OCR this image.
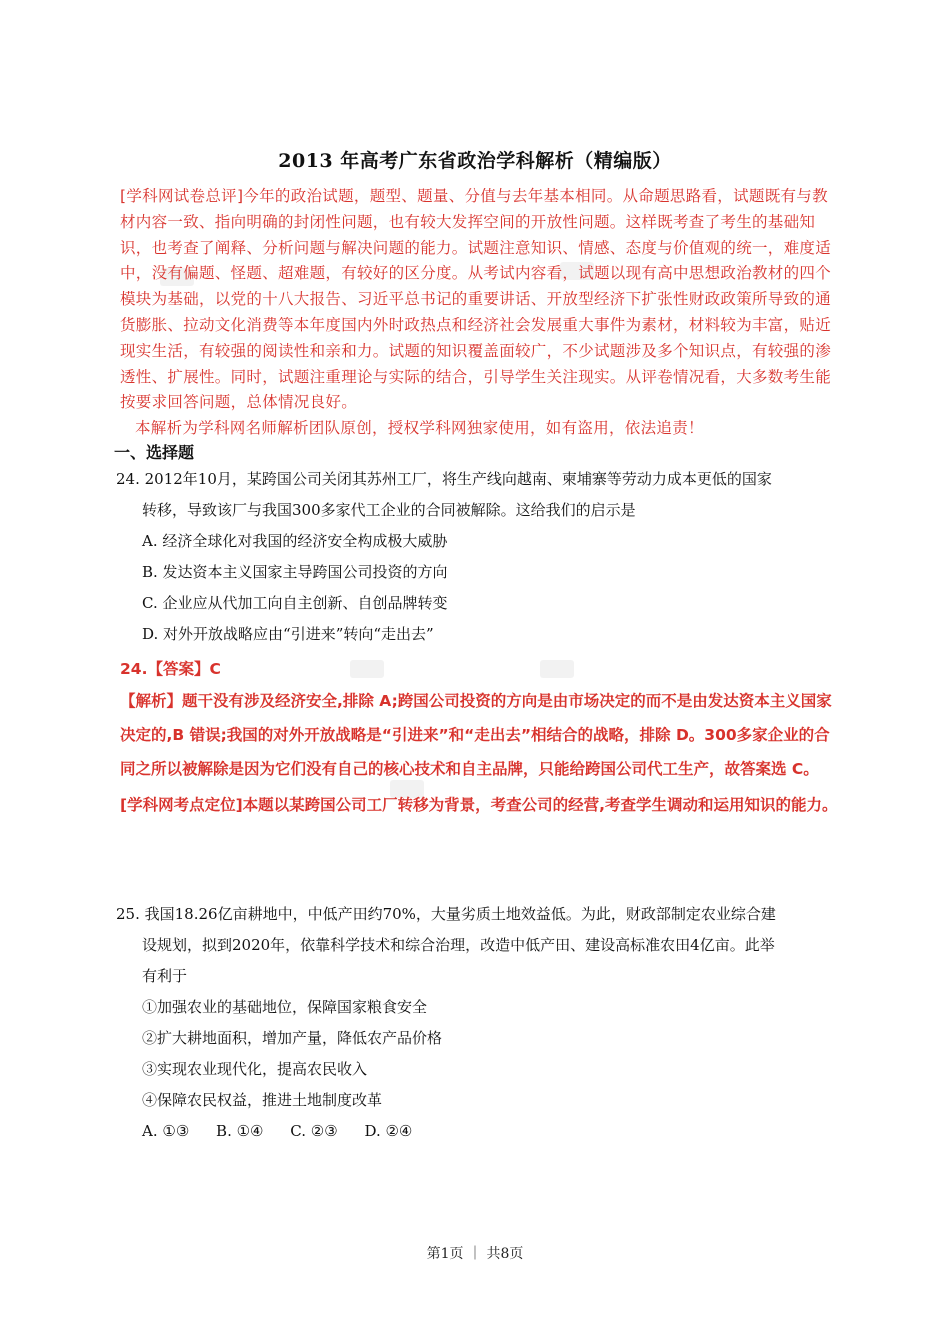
2013 年高考广东省政治学科解析（精编版）

[学科网试卷总评]今年的政治试题，题型、题量、分值与去年基本相同。从命题思路看，试题既有与教材内容一致、指向明确的封闭性问题，也有较大发挥空间的开放性问题。这样既考查了考生的基础知识，也考查了阐释、分析问题与解决问题的能力。试题注意知识、情感、态度与价值观的统一，难度适中，没有偏题、怪题、超难题，有较好的区分度。从考试内容看，试题以现有高中思想政治教材的四个模块为基础，以党的十八大报告、习近平总书记的重要讲话、开放型经济下扩张性财政政策所导致的通货膨胀、拉动文化消费等本年度国内外时政热点和经济社会发展重大事件为素材，材料较为丰富，贴近现实生活，有较强的阅读性和亲和力。试题的知识覆盖面较广，不少试题涉及多个知识点，有较强的渗透性、扩展性。同时，试题注重理论与实际的结合，引导学生关注现实。从评卷情况看，大多数考生能按要求回答问题，总体情况良好。

本解析为学科网名师解析团队原创，授权学科网独家使用，如有盗用，依法追责！

一、选择题

24. 2012年10月，某跨国公司关闭其苏州工厂，将生产线向越南、柬埔寨等劳动力成本更低的国家

转移，导致该厂与我国300多家代工企业的合同被解除。这给我们的启示是

A. 经济全球化对我国的经济安全构成极大威胁

B. 发达资本主义国家主导跨国公司投资的方向

C. 企业应从代加工向自主创新、自创品牌转变

D. 对外开放战略应由“引进来”转向“走出去”

24.【答案】C

【解析】题干没有涉及经济安全,排除 A;跨国公司投资的方向是由市场决定的而不是由发达资本主义国家决定的,B 错误;我国的对外开放战略是“引进来”和“走出去”相结合的战略，排除 D。300多家企业的合同之所以被解除是因为它们没有自己的核心技术和自主品牌，只能给跨国公司代工生产，故答案选 C。

[学科网考点定位]本题以某跨国公司工厂转移为背景，考查公司的经营,考查学生调动和运用知识的能力。

25. 我国18.26亿亩耕地中，中低产田约70%，大量劣质土地效益低。为此，财政部制定农业综合建

设规划，拟到2020年，依靠科学技术和综合治理，改造中低产田、建设高标准农田4亿亩。此举

有利于

①加强农业的基础地位，保障国家粮食安全

②扩大耕地面积，增加产量，降低农产品价格

③实现农业现代化，提高农民收入

④保障农民权益，推进土地制度改革

A. ①③ B. ①④ C. ②③ D. ②④

第1页 ｜ 共8页
